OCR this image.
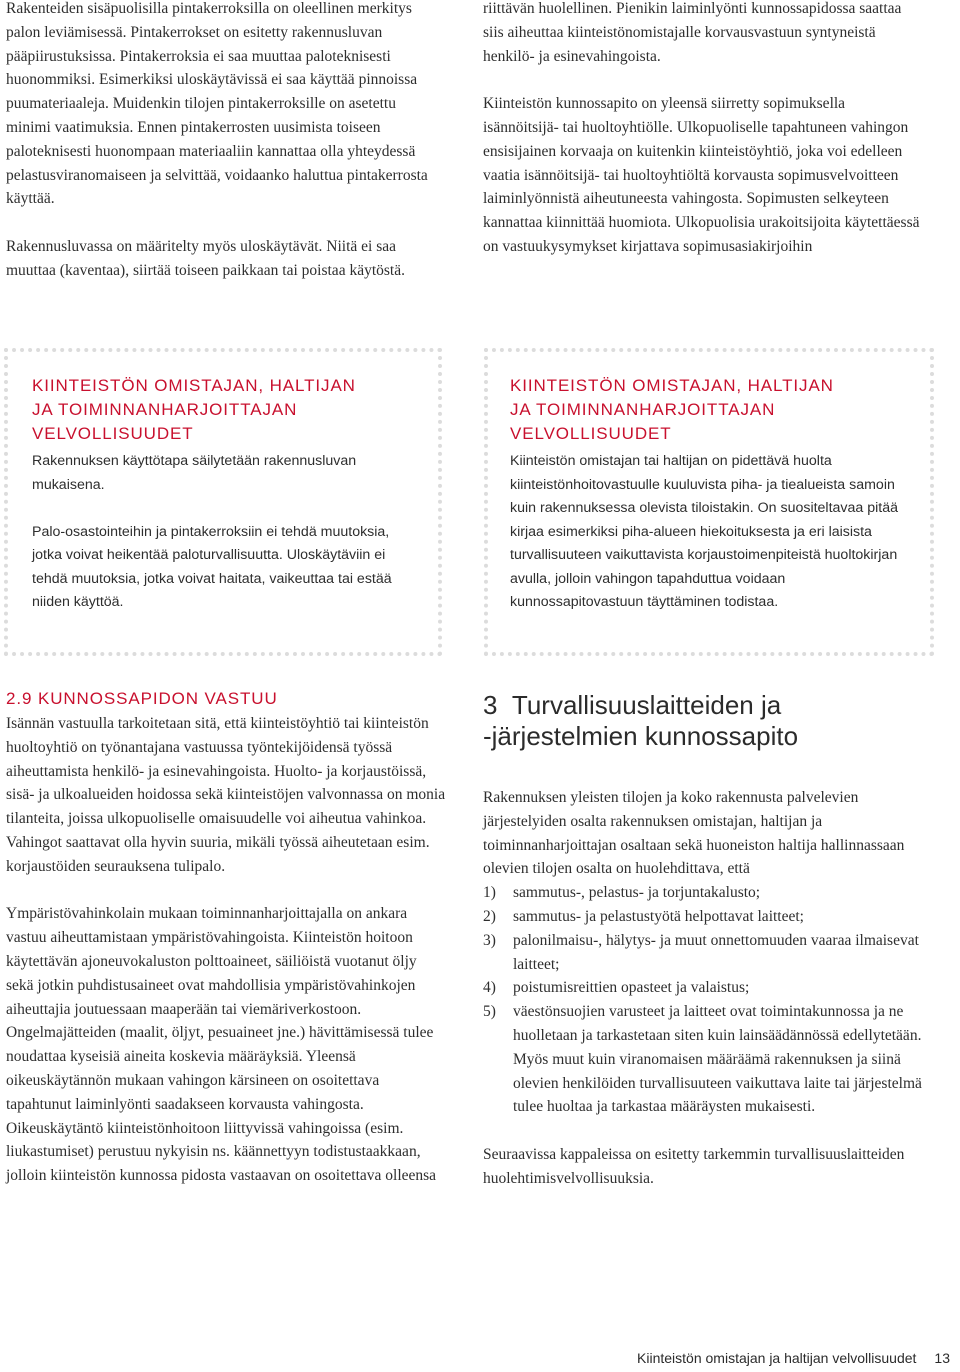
Rakenteiden sisäpuolisilla pintakerroksilla on oleellinen merkitys palon leviämisessä. Pintakerrokset on esitetty rakennusluvan pääpiirustuksissa. Pintakerroksia ei saa muuttaa paloteknisesti huonommiksi. Esimerkiksi uloskäytävissä ei saa käyttää pinnoissa puumateriaaleja. Muidenkin tilojen pintakerroksille on asetettu minimi vaatimuksia. Ennen pintakerrosten uusimista toiseen paloteknisesti huonompaan materiaaliin kannattaa olla yhteydessä pelastusviranomaiseen ja selvittää, voidaanko haluttua pintakerrosta käyttää.

Rakennusluvassa on määritelty myös uloskäytävät. Niitä ei saa muuttaa (kaventaa), siirtää toiseen paikkaan tai poistaa käytöstä.

riittävän huolellinen. Pienikin laiminlyönti kunnossapidossa saattaa siis aiheuttaa kiinteistönomistajalle korvausvastuun syntyneistä henkilö- ja esinevahingoista.

Kiinteistön kunnossapito on yleensä siirretty sopimuksella isännöitsijä- tai huoltoyhtiölle. Ulkopuoliselle tapahtuneen vahingon ensisijainen korvaaja on kuitenkin kiinteistöyhtiö, joka voi edelleen vaatia isännöitsijä- tai huoltoyhtiöltä korvausta sopimusvelvoitteen laiminlyönnistä aiheutuneesta vahingosta. Sopimusten selkeyteen kannattaa kiinnittää huomiota. Ulkopuolisia urakoitsijoita käytettäessä on vastuukysymykset kirjattava sopimusasiakirjoihin

KIINTEISTÖN OMISTAJAN, HALTIJAN
JA TOIMINNANHARJOITTAJAN
VELVOLLISUUDET

Rakennuksen käyttötapa säilytetään rakennusluvan mukaisena.

Palo-osastointeihin ja pintakerroksiin ei tehdä muutoksia, jotka voivat heikentää paloturvallisuutta. Uloskäytäviin ei tehdä muutoksia, jotka voivat haitata, vaikeuttaa tai estää niiden käyttöä.

KIINTEISTÖN OMISTAJAN, HALTIJAN
JA TOIMINNANHARJOITTAJAN
VELVOLLISUUDET

Kiinteistön omistajan tai haltijan on pidettävä huolta kiinteistönhoitovastuulle kuuluvista piha- ja tiealueista samoin kuin rakennuksessa olevista tiloistakin. On suositeltavaa pitää kirjaa esimerkiksi piha-alueen hiekoituksesta ja eri laisista turvallisuuteen vaikuttavista korjaustoimenpiteistä huoltokirjan avulla, jolloin vahingon tapahduttua voidaan kunnossapitovastuun täyttäminen todistaa.

2.9 KUNNOSSAPIDON VASTUU

Isännän vastuulla tarkoitetaan sitä, että kiinteistöyhtiö tai kiinteistön huoltoyhtiö on työnantajana vastuussa työntekijöidensä työssä aiheuttamista henkilö- ja esinevahingoista. Huolto- ja korjaustöissä, sisä- ja ulkoalueiden hoidossa sekä kiinteistöjen valvonnassa on monia tilanteita, joissa ulkopuoliselle omaisuudelle voi aiheutua vahinkoa. Vahingot saattavat olla hyvin suuria, mikäli työssä aiheutetaan esim. korjaustöiden seurauksena tulipalo.

Ympäristövahinkolain mukaan toiminnanharjoittajalla on ankara vastuu aiheuttamistaan ympäristövahingoista. Kiinteistön hoitoon käytettävän ajoneuvokaluston polttoaineet, säiliöistä vuotanut öljy sekä jotkin puhdistusaineet ovat mahdollisia ympäristövahinkojen aiheuttajia joutuessaan maaperään tai viemäriverkostoon. Ongelmajätteiden (maalit, öljyt, pesuaineet jne.) hävittämisessä tulee noudattaa kyseisiä aineita koskevia määräyksiä. Yleensä oikeuskäytännön mukaan vahingon kärsineen on osoitettava tapahtunut laiminlyönti saadakseen korvausta vahingosta. Oikeuskäytäntö kiinteistönhoitoon liittyvissä vahingoissa (esim. liukastumiset) perustuu nykyisin ns. käännettyyn todistustaakkaan, jolloin kiinteistön kunnossa pidosta vastaavan on osoitettava olleensa

3 Turvallisuuslaitteiden ja
-järjestelmien kunnossapito

Rakennuksen yleisten tilojen ja koko rakennusta palvelevien järjestelyiden osalta rakennuksen omistajan, haltijan ja toiminnanharjoittajan osaltaan sekä huoneiston haltija hallinnassaan olevien tilojen osalta on huolehdittava, että

1) sammutus-, pelastus- ja torjuntakalusto;
2) sammutus- ja pelastustyötä helpottavat laitteet;
3) palonilmaisu-, hälytys- ja muut onnettomuuden vaaraa ilmaisevat laitteet;
4) poistumisreittien opasteet ja valaistus;
5) väestönsuojien varusteet ja laitteet ovat toimintakunnossa ja ne huolletaan ja tarkastetaan siten kuin lainsäädännössä edellytetään. Myös muut kuin viranomaisen määräämä rakennuksen ja siinä olevien henkilöiden turvallisuuteen vaikuttava laite tai järjestelmä tulee huoltaa ja tarkastaa määräysten mukaisesti.

Seuraavissa kappaleissa on esitetty tarkemmin turvallisuuslaitteiden huolehtimisvelvollisuuksia.

Kiinteistön omistajan ja haltijan velvollisuudet 13
